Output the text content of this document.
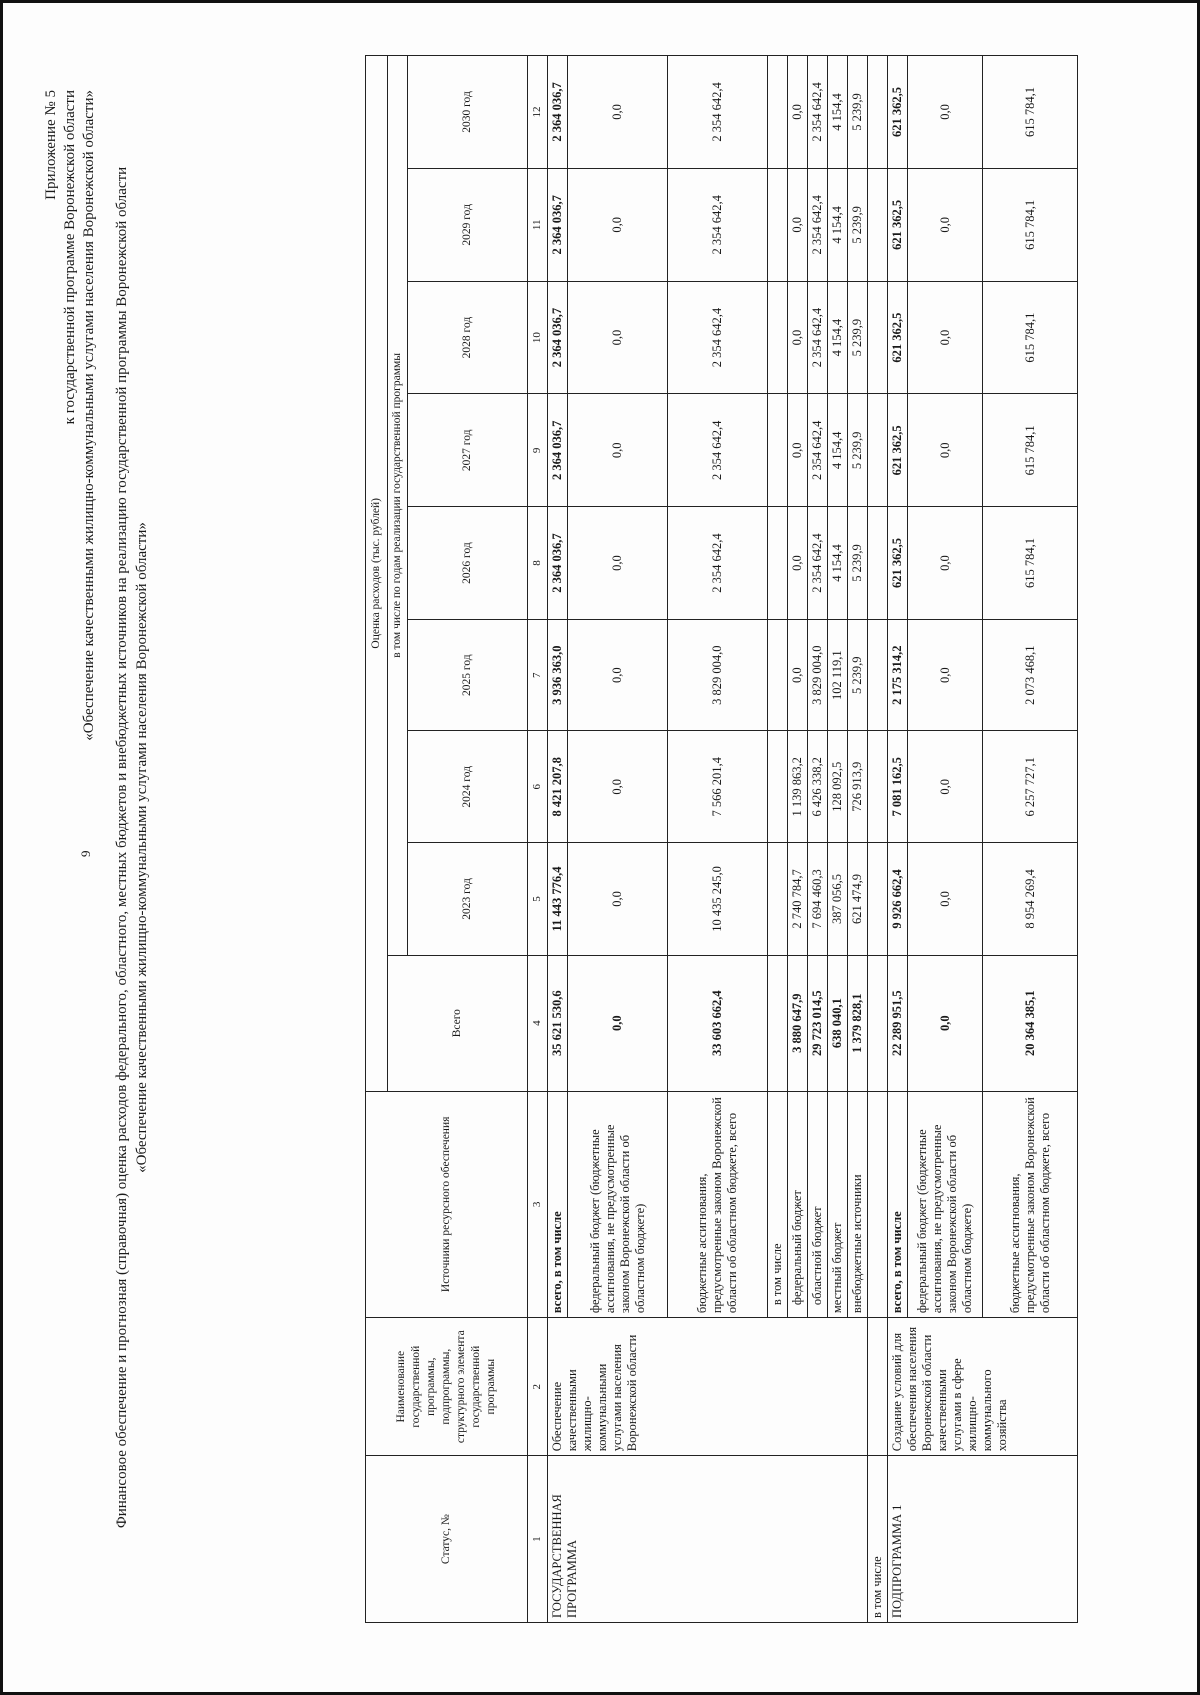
9
Приложение № 5 к государственной программе Воронежской области «Обеспечение качественными жилищно-коммунальными услугами населения Воронежской области» Финансовое обеспечение и прогнозная (справочная) оценка расходов федерального, областного, местных бюджетов и внебюджетных источников на реализацию государственной программы Воронежской области «Обеспечение качественными жилищно-коммунальными услугами населения Воронежской области»
Статус, №	Наименование государственной программы, подпрограммы, структурного элемента государственной программы	Источники ресурсного обеспечения	Оценка расходов (тыс. рублей)								
			Всего	в том числе по годам реализации государственной программы							
				2023 год	2024 год	2025 год	2026 год	2027 год	2028 год	2029 год	2030 год
1	2	3	4	5	6	7	8	9	10	11	12
ГОСУДАРСТВЕННАЯ ПРОГРАММА	Обеспечение качественными жилищно-коммунальными услугами населения Воронежской области	всего, в том числе	35 621 530,6	11 443 776,4	8 421 207,8	3 936 363,0	2 364 036,7	2 364 036,7	2 364 036,7	2 364 036,7	2 364 036,7
		федеральный бюджет (бюджетные ассигнования, не предусмотренные законом Воронежской области об областном бюджете)	0,0	0,0	0,0	0,0	0,0	0,0	0,0	0,0	0,0
		бюджетные ассигнования, предусмотренные законом Воронежской области об областном бюджете, всего	33 603 662,4	10 435 245,0	7 566 201,4	3 829 004,0	2 354 642,4	2 354 642,4	2 354 642,4	2 354 642,4	2 354 642,4
		в том числе									
		федеральный бюджет	3 880 647,9	2 740 784,7	1 139 863,2	0,0	0,0	0,0	0,0	0,0	0,0
		областной бюджет	29 723 014,5	7 694 460,3	6 426 338,2	3 829 004,0	2 354 642,4	2 354 642,4	2 354 642,4	2 354 642,4	2 354 642,4
		местный бюджет	638 040,1	387 056,5	128 092,5	102 119,1	4 154,4	4 154,4	4 154,4	4 154,4	4 154,4
		внебюджетные источники	1 379 828,1	621 474,9	726 913,9	5 239,9	5 239,9	5 239,9	5 239,9	5 239,9	5 239,9
в том числе											
ПОДПРОГРАММА 1	Создание условий для обеспечения населения Воронежской области качественными услугами в сфере жилищно-коммунального хозяйства	всего, в том числе	22 289 951,5	9 926 662,4	7 081 162,5	2 175 314,2	621 362,5	621 362,5	621 362,5	621 362,5	621 362,5
		федеральный бюджет (бюджетные ассигнования, не предусмотренные законом Воронежской области об областном бюджете)	0,0	0,0	0,0	0,0	0,0	0,0	0,0	0,0	0,0
		бюджетные ассигнования, предусмотренные законом Воронежской области об областном бюджете, всего	20 364 385,1	8 954 269,4	6 257 727,1	2 073 468,1	615 784,1	615 784,1	615 784,1	615 784,1	615 784,1
